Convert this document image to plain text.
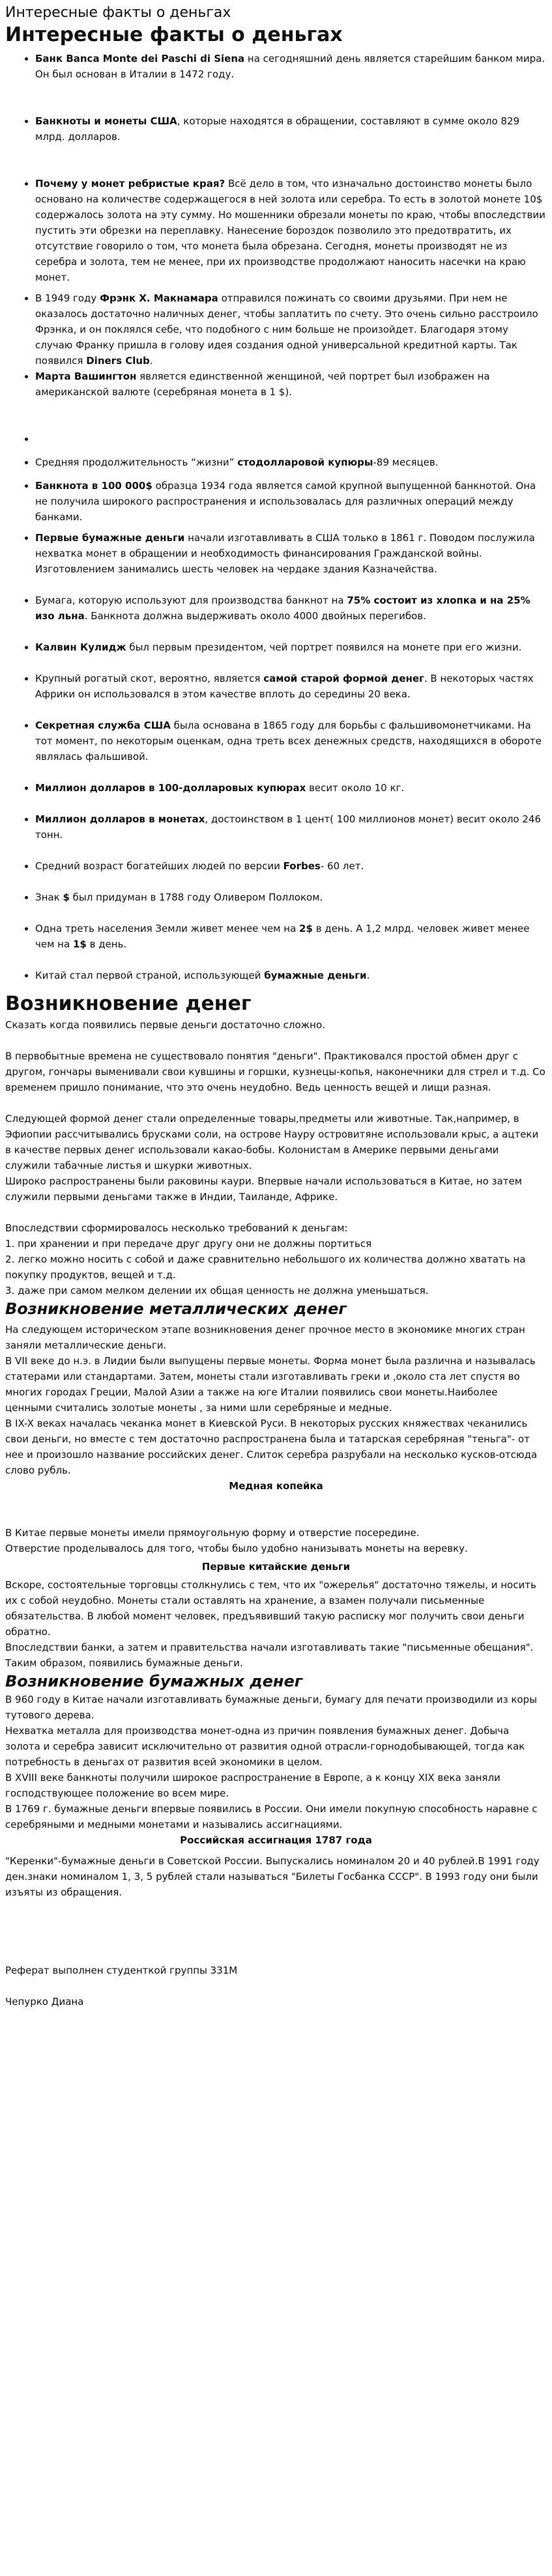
Интересные факты о деньгах
Интересные факты о деньгах
• Банк Banca Monte dei Paschi di Siena на сегодняшний день является старейшим банком мира. Он был основан в Италии в 1472 году.
• Банкноты и монеты США, которые находятся в обращении, составляют в сумме около 829 млрд. долларов.
• Почему у монет ребристые края? Всё дело в том, что изначально достоинство монеты было основано на количестве содержащегося в ней золота или серебра. То есть в золотой монете 10$ содержалось золота на эту сумму. Но мошенники обрезали монеты по краю, чтобы впоследствии пустить эти обрезки на переплавку. Нанесение бороздок позволило это предотвратить, их отсутствие говорило о том, что монета была обрезана. Сегодня, монеты производят не из серебра и золота, тем не менее, при их производстве продолжают наносить насечки на краю монет.
• В 1949 году Фрэнк Х. Макнамара отправился пожинать со своими друзьями. При нем не оказалось достаточно наличных денег, чтобы заплатить по счету. Это очень сильно расстроило Фрэнка, и он поклялся себе, что подобного с ним больше не произойдет. Благодаря этому случаю Франку пришла в голову идея создания одной универсальной кредитной карты. Так появился Diners Club.
• Марта Вашингтон является единственной женщиной, чей портрет был изображен на американской валюте (серебряная монета в 1 $).
•
• Средняя продолжительность “жизни” стодолларовой купюры-89 месяцев.
• Банкнота в 100 000$ образца 1934 года является самой крупной выпущенной банкнотой. Она не получила широкого распространения и использовалась для различных операций между банками.
• Первые бумажные деньги начали изготавливать в США только в 1861 г. Поводом послужила нехватка монет в обращении и необходимость финансирования Гражданской войны. Изготовлением занимались шесть человек на чердаке здания Казначейства.
• Бумага, которую используют для производства банкнот на 75% состоит из хлопка и на 25% изо льна. Банкнота должна выдерживать около 4000 двойных перегибов.
• Калвин Кулидж был первым президентом, чей портрет появился на монете при его жизни.
• Крупный рогатый скот, вероятно, является самой старой формой денег. В некоторых частях Африки он использовался в этом качестве вплоть до середины 20 века.
• Секретная служба США была основана в 1865 году для борьбы с фальшивомонетчиками. На тот момент, по некоторым оценкам, одна треть всех денежных средств, находящихся в обороте являлась фальшивой.
• Миллион долларов в 100-долларовых купюрах весит около 10 кг.
• Миллион долларов в монетах, достоинством в 1 цент( 100 миллионов монет) весит около 246 тонн.
• Средний возраст богатейших людей по версии Forbes- 60 лет.
• Знак $ был придуман в 1788 году Оливером Поллоком.
• Одна треть населения Земли живет менее чем на 2$ в день. А 1,2 млрд. человек живет менее чем на 1$ в день.
• Китай стал первой страной, использующей бумажные деньги.
Возникновение денег

Сказать когда появились первые деньги достаточно сложно.

В первобытные времена не существовало понятия "деньги". Практиковался простой обмен друг с другом, гончары выменивали свои кувшины и горшки, кузнецы-копья, наконечники для стрел и т.д. Со временем пришло понимание, что это очень неудобно. Ведь ценность вещей и лищи разная.

Следующей формой денег стали определенные товары,предметы или животные. Так,например, в Эфиопии рассчитывались брусками соли, на острове Науру островитяне использовали крыс, а ацтеки в качестве первых денег использовали какао-бобы. Колонистам в Америке первыми деньгами служили табачные листья и шкурки животных.

Широко распространены были раковины каури. Впервые начали использоваться в Китае, но затем служили первыми деньгами также в Индии, Таиланде, Африке.

Впоследствии сформировалось несколько требований к деньгам:

1. при хранении и при передаче друг другу они не должны портиться

2. легко можно носить с собой и даже сравнительно небольшого их количества должно хватать на покупку продуктов, вещей и т.д.

3. даже при самом мелком делении их общая ценность не должна уменьшаться.

Возникновение металлических денег

На следующем историческом этапе возникновения денег прочное место в экономике многих стран заняли металлические деньги.

В VII веке до н.э. в Лидии были выпущены первые монеты. Форма монет была различна и называлась статерами или стандартами. Затем, монеты стали изготавливать греки и ,около ста лет спустя во многих городах Греции, Малой Азии а также на юге Италии появились свои монеты.Наиболее ценными считались золотые монеты , за ними шли серебряные и медные.

В IX-X веках началась чеканка монет в Киевской Руси. В некоторых русских княжествах чеканились свои деньги, но вместе с тем достаточно распространена была и татарская серебряная "теньга"- от нее и произошло название российских денег. Слиток серебра разрубали на несколько кусков-отсюда слово рубль.

Медная копейка

В Китае первые монеты имели прямоугольную форму и отверстие посередине.

Отверстие проделывалось для того, чтобы было удобно нанизывать монеты на веревку.

Первые китайские деньги

Вскоре, состоятельные торговцы столкнулись с тем, что их "ожерелья" достаточно тяжелы, и носить их с собой неудобно. Монеты стали оставлять на хранение, а взамен получали письменные обязательства. В любой момент человек, предъявивший такую расписку мог получить свои деньги обратно.

Впоследствии банки, а затем и правительства начали изготавливать такие "письменные обещания". Таким образом, появились бумажные деньги.

Возникновение бумажных денег

В 960 году в Китае начали изготавливать бумажные деньги, бумагу для печати производили из коры тутового дерева.

Нехватка металла для производства монет-одна из причин появления бумажных денег. Добыча золота и серебра зависит исключительно от развития одной отрасли-горнодобывающей, тогда как потребность в деньгах от развития всей экономики в целом.

В XVIII веке банкноты получили широкое распространение в Европе, а к концу XIX века заняли господствующее положение во всем мире.

В 1769 г. бумажные деньги впервые появились в России. Они имели покупную способность наравне с серебряными и медными монетами и назывались ассигнациями.

Российская ассигнация 1787 года

"Керенки"-бумажные деньги в Советской России. Выпускались номиналом 20 и 40 рублей.В 1991 году ден.знаки номиналом 1, 3, 5 рублей стали называться "Билеты Госбанка СССР". В 1993 году они были изъяты из обращения.

Реферат выполнен студенткой группы 331М

Чепурко Диана
